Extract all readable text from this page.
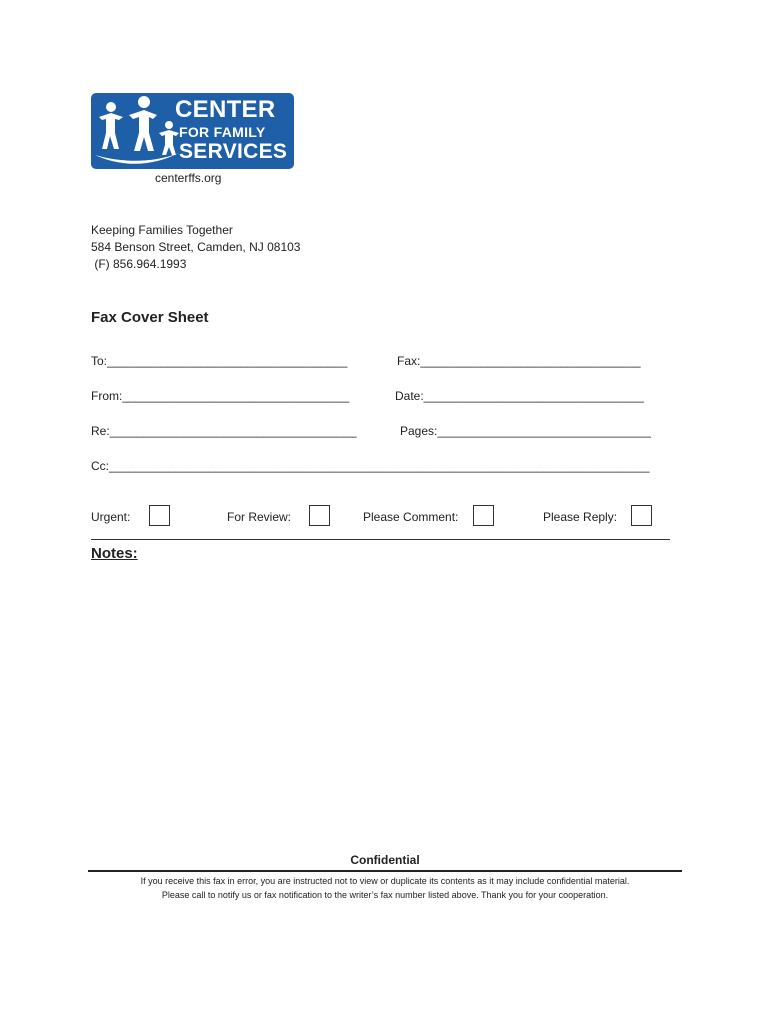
CENTER
FOR FAMILY
SERVICES
centerffs.org
Keeping Families Together
584 Benson Street, Camden, NJ 08103
(F) 856.964.1993
Fax Cover Sheet
To:____________________________________	Fax:_________________________________
From:__________________________________	Date:_________________________________
Re:_____________________________________	Pages:________________________________
Cc:_________________________________________________________________________________
Urgent:	For Review:	Please Comment:	Please Reply:
Notes:
Confidential
If you receive this fax in error, you are instructed not to view or duplicate its contents as it may include confidential material.
Please call to notify us or fax notification to the writer’s fax number listed above. Thank you for your cooperation.
